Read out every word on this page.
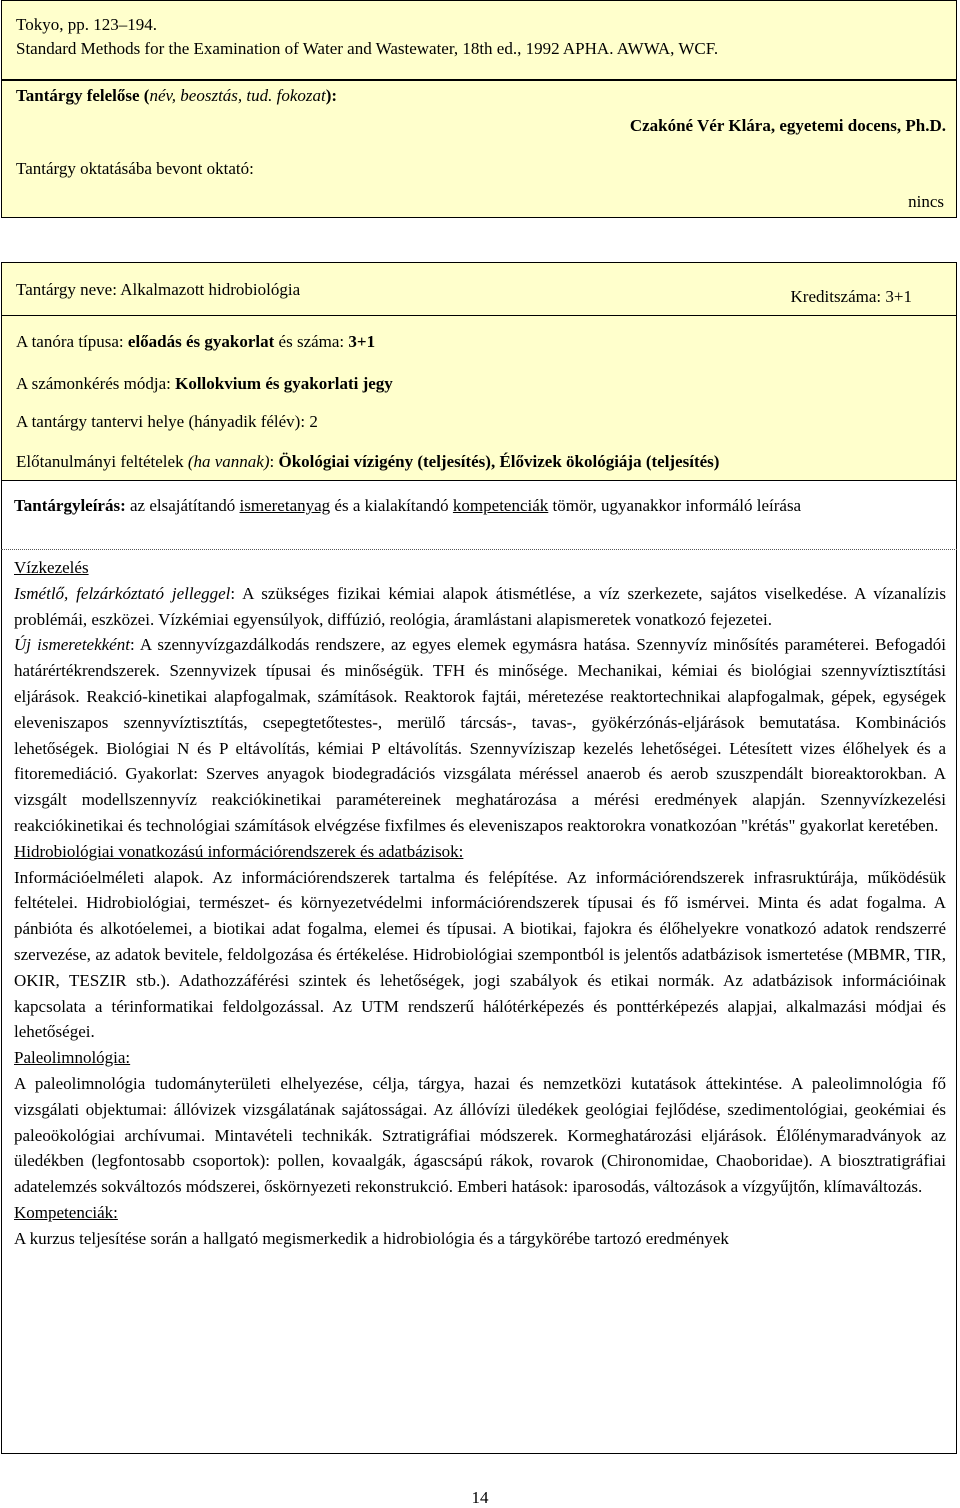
Tokyo, pp. 123–194.
Standard Methods for the Examination of Water and Wastewater, 18th ed., 1992 APHA. AWWA, WCF.
Tantárgy felelőse (név, beosztás, tud. fokozat):
Czakóné Vér Klára, egyetemi docens, Ph.D.
Tantárgy oktatásába bevont oktató:
nincs
Tantárgy neve: Alkalmazott hidrobiológia	Kreditszáma: 3+1
A tanóra típusa: előadás és gyakorlat és száma: 3+1
A számonkérés módja: Kollokvium és gyakorlati jegy
A tantárgy tantervi helye (hányadik félév): 2
Előtanulmányi feltételek (ha vannak): Ökológiai vízigény (teljesítés), Élővizek ökológiája (teljesítés)
Tantárgyleírás: az elsajátítandó ismeretanyag és a kialakítandó kompetenciák tömör, ugyanakkor informáló leírása
Vízkezelés
Ismétlő, felzárkóztató jelleggel: A szükséges fizikai kémiai alapok átismétlése, a víz szerkezete, sajátos viselkedése. A vízanalízis problémái, eszközei. Vízkémiai egyensúlyok, diffúzió, reológia, áramlástani alapismeretek vonatkozó fejezetei.
Új ismeretekként: A szennyvízgazdálkodás rendszere, az egyes elemek egymásra hatása. Szennyvíz minősítés paraméterei. Befogadói határértékrendszerek. Szennyvizek típusai és minőségük. TFH és minősége. Mechanikai, kémiai és biológiai szennyvíztisztítási eljárások. Reakció-kinetikai alapfogalmak, számítások. Reaktorok fajtái, méretezése reaktortechnikai alapfogalmak, gépek, egységek eleveniszapos szennyvíztisztítás, csepegtetőtestes-, merülő tárcsás-, tavas-, gyökérzónás-eljárások bemutatása. Kombinációs lehetőségek. Biológiai N és P eltávolítás, kémiai P eltávolítás. Szennyvíziszap kezelés lehetőségei. Létesített vizes élőhelyek és a fitoremediáció. Gyakorlat: Szerves anyagok biodegradációs vizsgálata méréssel anaerob és aerob szuszpendált bioreaktorokban. A vizsgált modellszennyvíz reakciókinetikai paramétereinek meghatározása a mérési eredmények alapján. Szennyvízkezelési reakciókinetikai és technológiai számítások elvégzése fixfilmes és eleveniszapos reaktorokra vonatkozóan "krétás" gyakorlat keretében.
Hidrobiológiai vonatkozású információrendszerek és adatbázisok:
Információelméleti alapok. Az információrendszerek tartalma és felépítése. Az információrendszerek infrasruktúrája, működésük feltételei. Hidrobiológiai, természet- és környezetvédelmi információrendszerek típusai és fő ismérvei. Minta és adat fogalma. A pánbióta és alkotóelemei, a biotikai adat fogalma, elemei és típusai. A biotikai, fajokra és élőhelyekre vonatkozó adatok rendszerré szervezése, az adatok bevitele, feldolgozása és értékelése. Hidrobiológiai szempontból is jelentős adatbázisok ismertetése (MBMR, TIR, OKIR, TESZIR stb.). Adathozzáférési szintek és lehetőségek, jogi szabályok és etikai normák. Az adatbázisok információinak kapcsolata a térinformatikai feldolgozással. Az UTM rendszerű hálótérképezés és ponttérképezés alapjai, alkalmazási módjai és lehetőségei.
Paleolimnológia:
A paleolimnológia tudományterületi elhelyezése, célja, tárgya, hazai és nemzetközi kutatások áttekintése. A paleolimnológia fő vizsgálati objektumai: állóvizek vizsgálatának sajátosságai. Az állóvízi üledékek geológiai fejlődése, szedimentológiai, geokémiai és paleoökológiai archívumai. Mintavételi technikák. Sztratigráfiai módszerek. Kormeghatározási eljárások. Élőlénymaradványok az üledékben (legfontosabb csoportok): pollen, kovaalgák, ágascsápú rákok, rovarok (Chironomidae, Chaoboridae). A biosztratigráfiai adatelemzés sokváltozós módszerei, őskörnyezeti rekonstrukció. Emberi hatások: iparosodás, változások a vízgyűjtőn, klímaváltozás.
Kompetenciák:
A kurzus teljesítése során a hallgató megismerkedik a hidrobiológia és a tárgykörébe tartozó eredmények
14
